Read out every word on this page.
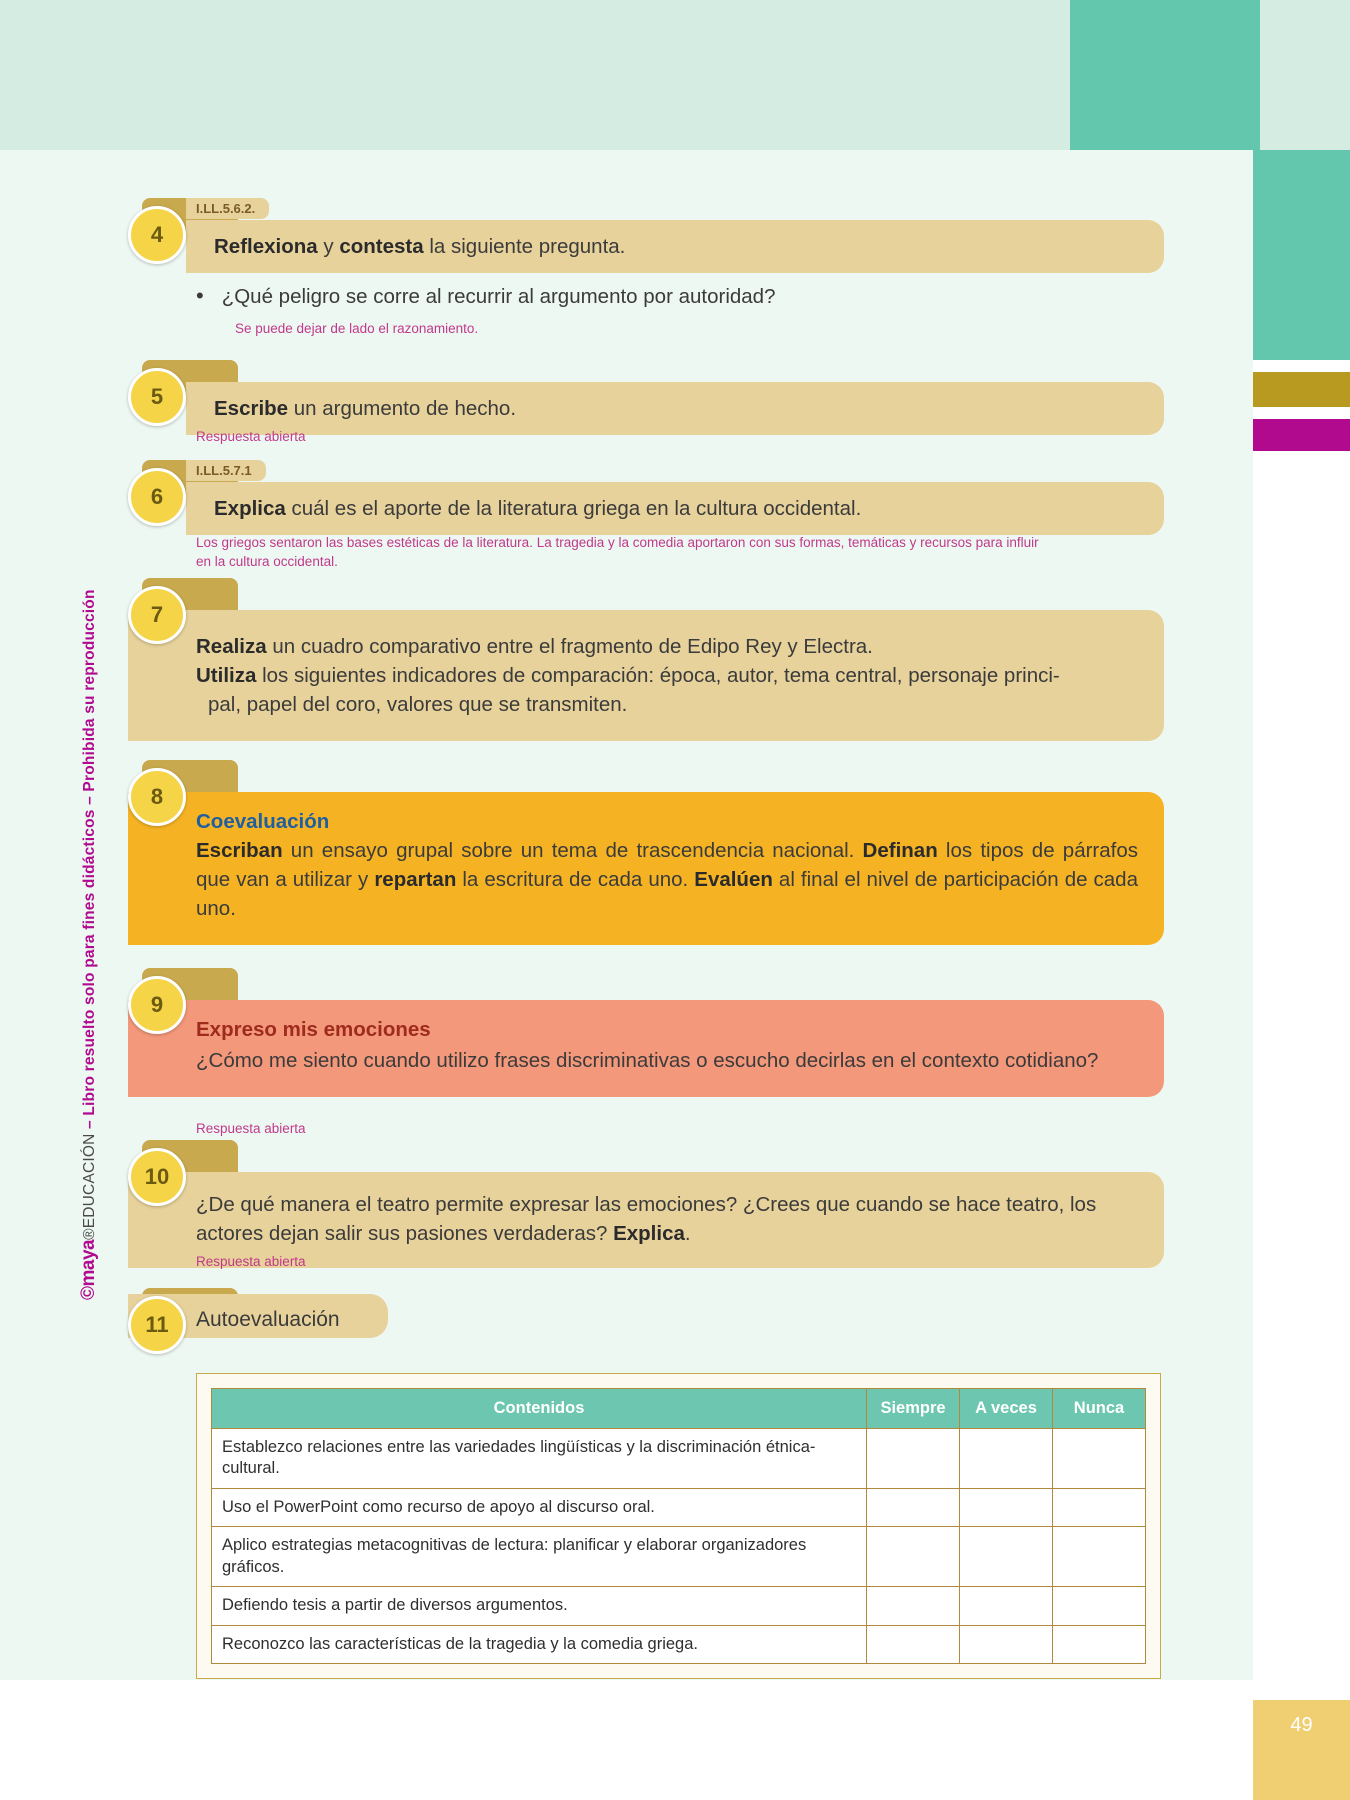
49
©maya®EDUCACIÓN – Libro resuelto solo para fines didácticos – Prohibida su reproducción
4
I.LL.5.6.2.
Reflexiona y contesta la siguiente pregunta.
• ¿Qué peligro se corre al recurrir al argumento por autoridad?
Se puede dejar de lado el razonamiento.
5	Escribe un argumento de hecho.
Respuesta abierta
6
I.LL.5.7.1
Explica cuál es el aporte de la literatura griega en la cultura occidental.
Los griegos sentaron las bases estéticas de la literatura. La tragedia y la comedia aportaron con sus formas, temáticas y recursos para influir
en la cultura occidental.
7
Realiza un cuadro comparativo entre el fragmento de Edipo Rey y Electra.
Utiliza los siguientes indicadores de comparación: época, autor, tema central, personaje princi-
pal, papel del coro, valores que se transmiten.
8
Coevaluación
Escriban un ensayo grupal sobre un tema de trascendencia nacional. Definan los tipos de párrafos que van a utilizar y repartan la escritura de cada uno. Evalúen al final el nivel de participación de cada uno.
9
Expreso mis emociones
¿Cómo me siento cuando utilizo frases discriminativas o escucho decirlas en el contexto cotidiano?
Respuesta abierta
10
¿De qué manera el teatro permite expresar las emociones? ¿Crees que cuando se hace teatro, los
actores dejan salir sus pasiones verdaderas? Explica.
Respuesta abierta
11	Autoevaluación
Contenidos	Siempre	A veces	Nunca
Establezco relaciones entre las variedades lingüísticas y la discriminación étnica-cultural.			
Uso el PowerPoint como recurso de apoyo al discurso oral.			
Aplico estrategias metacognitivas de lectura: planificar y elaborar organizadores gráficos.			
Defiendo tesis a partir de diversos argumentos.			
Reconozco las características de la tragedia y la comedia griega.			
